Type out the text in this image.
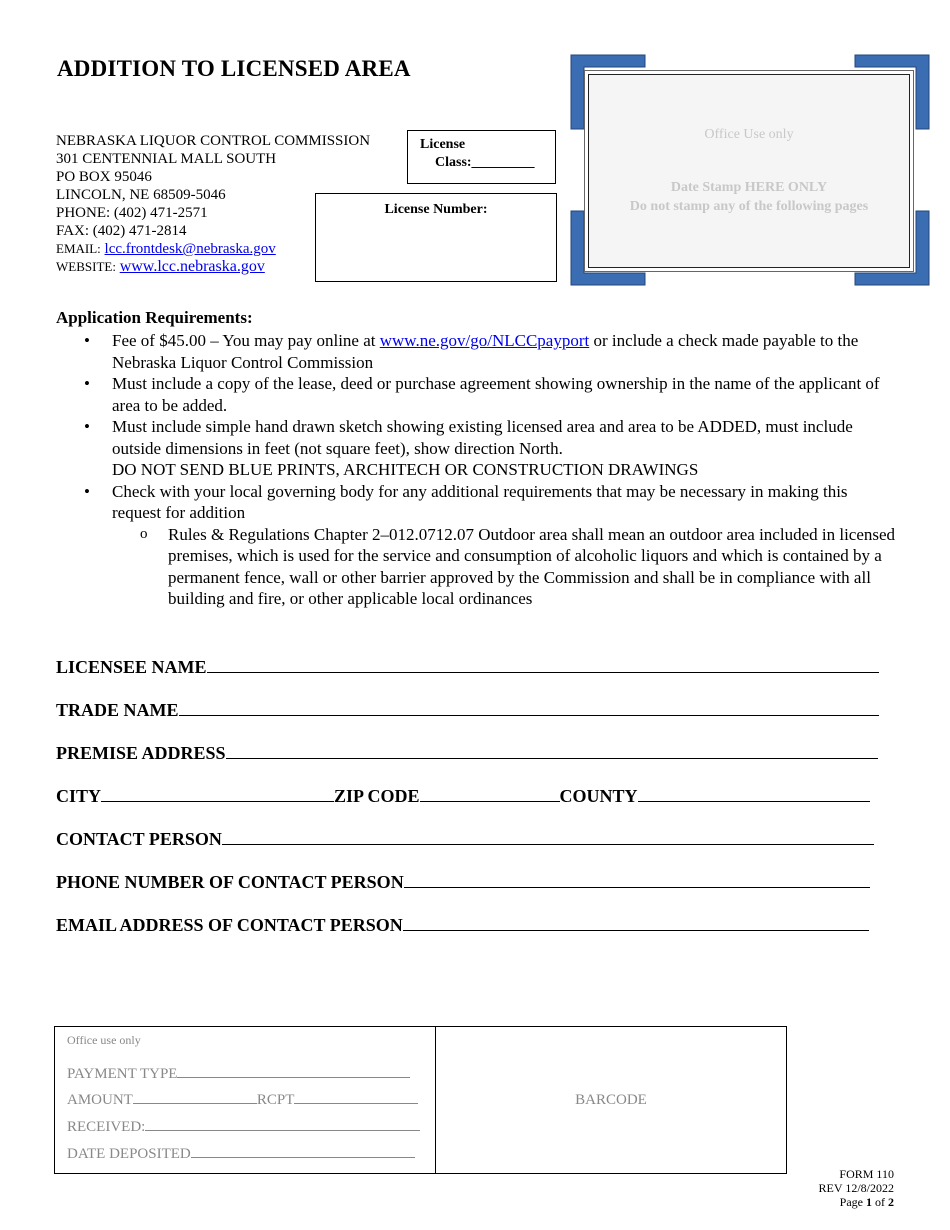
ADDITION TO LICENSED AREA
NEBRASKA LIQUOR CONTROL COMMISSION
301 CENTENNIAL MALL SOUTH
PO BOX 95046
LINCOLN, NE 68509-5046
PHONE: (402) 471-2571
FAX: (402) 471-2814
EMAIL: lcc.frontdesk@nebraska.gov
WEBSITE: www.lcc.nebraska.gov
License
Class:_________
License Number:
Office Use only
Date Stamp HERE ONLY
Do not stamp any of the following pages
Application Requirements:
• Fee of $45.00 – You may pay online at www.ne.gov/go/NLCCpayport or include a check made payable to the Nebraska Liquor Control Commission
• Must include a copy of the lease, deed or purchase agreement showing ownership in the name of the applicant of area to be added.
• Must include simple hand drawn sketch showing existing licensed area and area to be ADDED, must include outside dimensions in feet (not square feet), show direction North.
DO NOT SEND BLUE PRINTS, ARCHITECH OR CONSTRUCTION DRAWINGS
• Check with your local governing body for any additional requirements that may be necessary in making this request for addition
o Rules & Regulations Chapter 2–012.0712.07 Outdoor area shall mean an outdoor area included in licensed premises, which is used for the service and consumption of alcoholic liquors and which is contained by a permanent fence, wall or other barrier approved by the Commission and shall be in compliance with all building and fire, or other applicable local ordinances
LICENSEE NAME
TRADE NAME
PREMISE ADDRESS
CITY	ZIP CODE	COUNTY
CONTACT PERSON
PHONE NUMBER OF CONTACT PERSON
EMAIL ADDRESS OF CONTACT PERSON
Office use only
PAYMENT TYPE
AMOUNT	RCPT
RECEIVED:
DATE DEPOSITED
BARCODE
FORM 110
REV 12/8/2022
Page 1 of 2
